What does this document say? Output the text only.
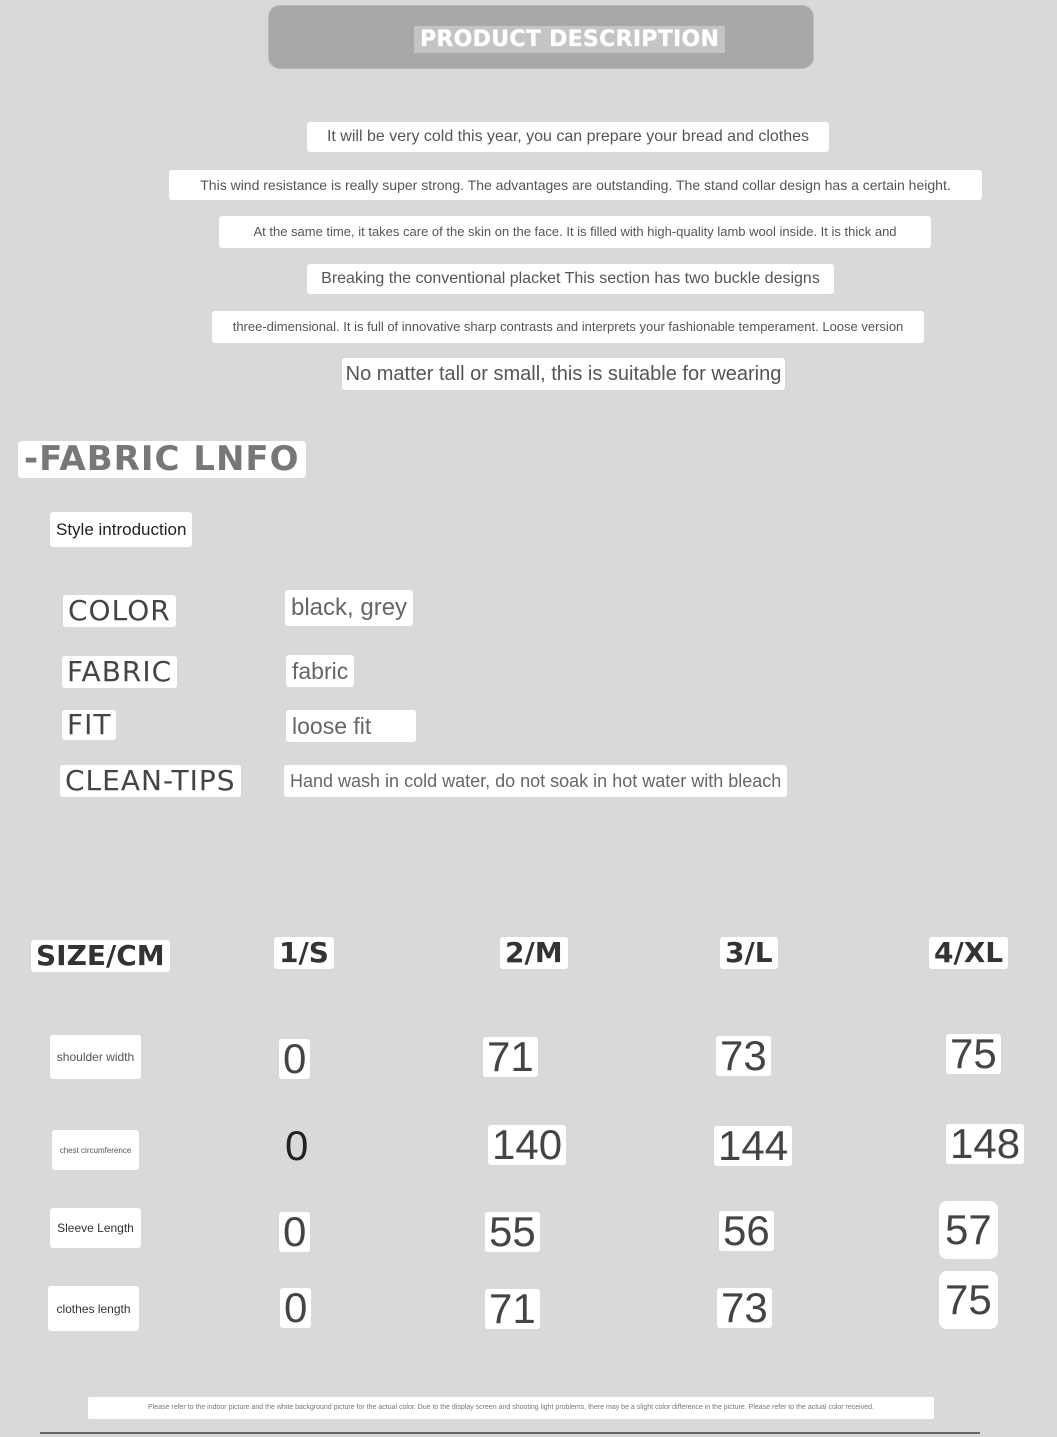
PRODUCT DESCRIPTION
It will be very cold this year, you can prepare your bread and clothes
This wind resistance is really super strong. The advantages are outstanding. The stand collar design has a certain height.
At the same time, it takes care of the skin on the face. It is filled with high-quality lamb wool inside. It is thick and
Breaking the conventional placket This section has two buckle designs
three-dimensional. It is full of innovative sharp contrasts and interprets your fashionable temperament. Loose version
No matter tall or small, this is suitable for wearing
-FABRIC LNFO
Style introduction
COLOR	black, grey
FABRIC	fabric
FIT	loose fit
CLEAN-TIPS	Hand wash in cold water, do not soak in hot water with bleach
SIZE/CM	1/S	2/M	3/L	4/XL
shoulder width	0	71	73	75
chest circumference	0	140	144	148
Sleeve Length	0	55	56	57
clothes length	0	71	73	75
Please refer to the indoor picture and the white background picture for the actual color. Due to the display screen and shooting light problems, there may be a slight color difference in the picture. Please refer to the actual color received.
